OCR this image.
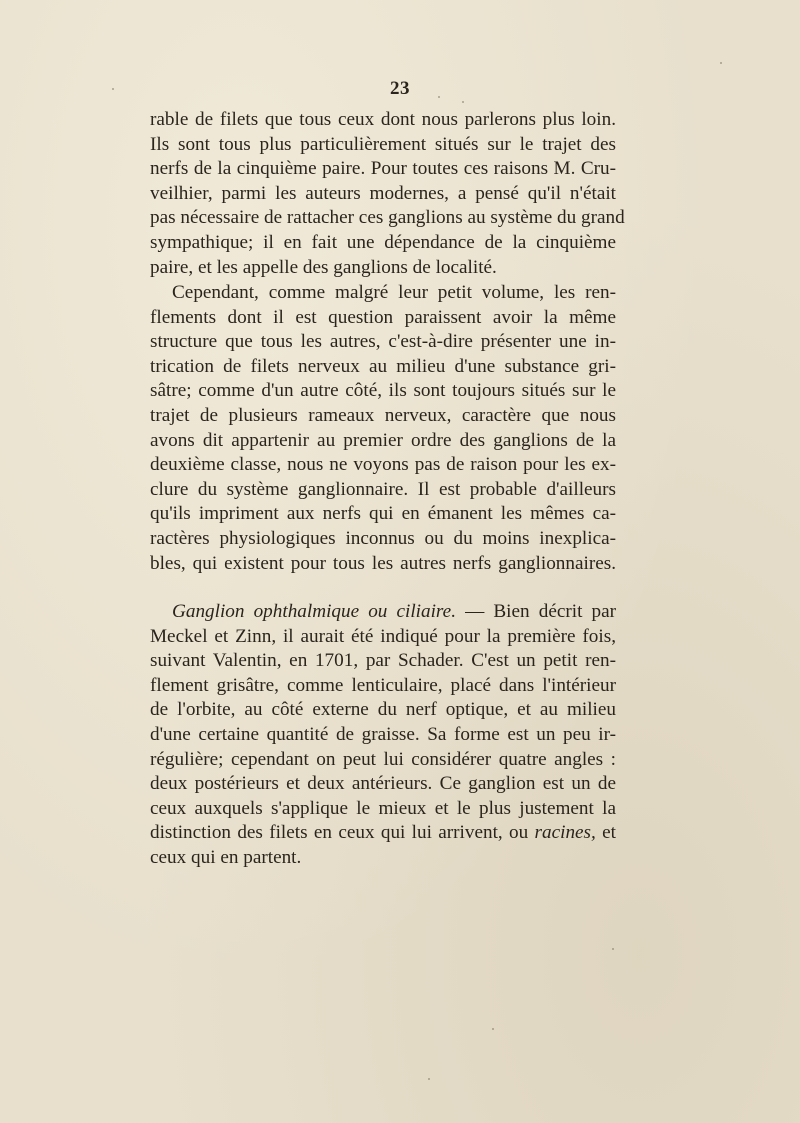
23
rable de filets que tous ceux dont nous parlerons plus loin.
Ils sont tous plus particulièrement situés sur le trajet des
nerfs de la cinquième paire. Pour toutes ces raisons M. Cru-
veilhier, parmi les auteurs modernes, a pensé qu'il n'était
pas nécessaire de rattacher ces ganglions au système du grand
sympathique; il en fait une dépendance de la cinquième
paire, et les appelle des ganglions de localité.
Cependant, comme malgré leur petit volume, les ren-
flements dont il est question paraissent avoir la même
structure que tous les autres, c'est-à-dire présenter une in-
trication de filets nerveux au milieu d'une substance gri-
sâtre; comme d'un autre côté, ils sont toujours situés sur le
trajet de plusieurs rameaux nerveux, caractère que nous
avons dit appartenir au premier ordre des ganglions de la
deuxième classe, nous ne voyons pas de raison pour les ex-
clure du système ganglionnaire. Il est probable d'ailleurs
qu'ils impriment aux nerfs qui en émanent les mêmes ca-
ractères physiologiques inconnus ou du moins inexplica-
bles, qui existent pour tous les autres nerfs ganglionnaires.
Ganglion ophthalmique ou ciliaire. — Bien décrit par
Meckel et Zinn, il aurait été indiqué pour la première fois,
suivant Valentin, en 1701, par Schader. C'est un petit ren-
flement grisâtre, comme lenticulaire, placé dans l'intérieur
de l'orbite, au côté externe du nerf optique, et au milieu
d'une certaine quantité de graisse. Sa forme est un peu ir-
régulière; cependant on peut lui considérer quatre angles :
deux postérieurs et deux antérieurs. Ce ganglion est un de
ceux auxquels s'applique le mieux et le plus justement la
distinction des filets en ceux qui lui arrivent, ou racines, et
ceux qui en partent.
